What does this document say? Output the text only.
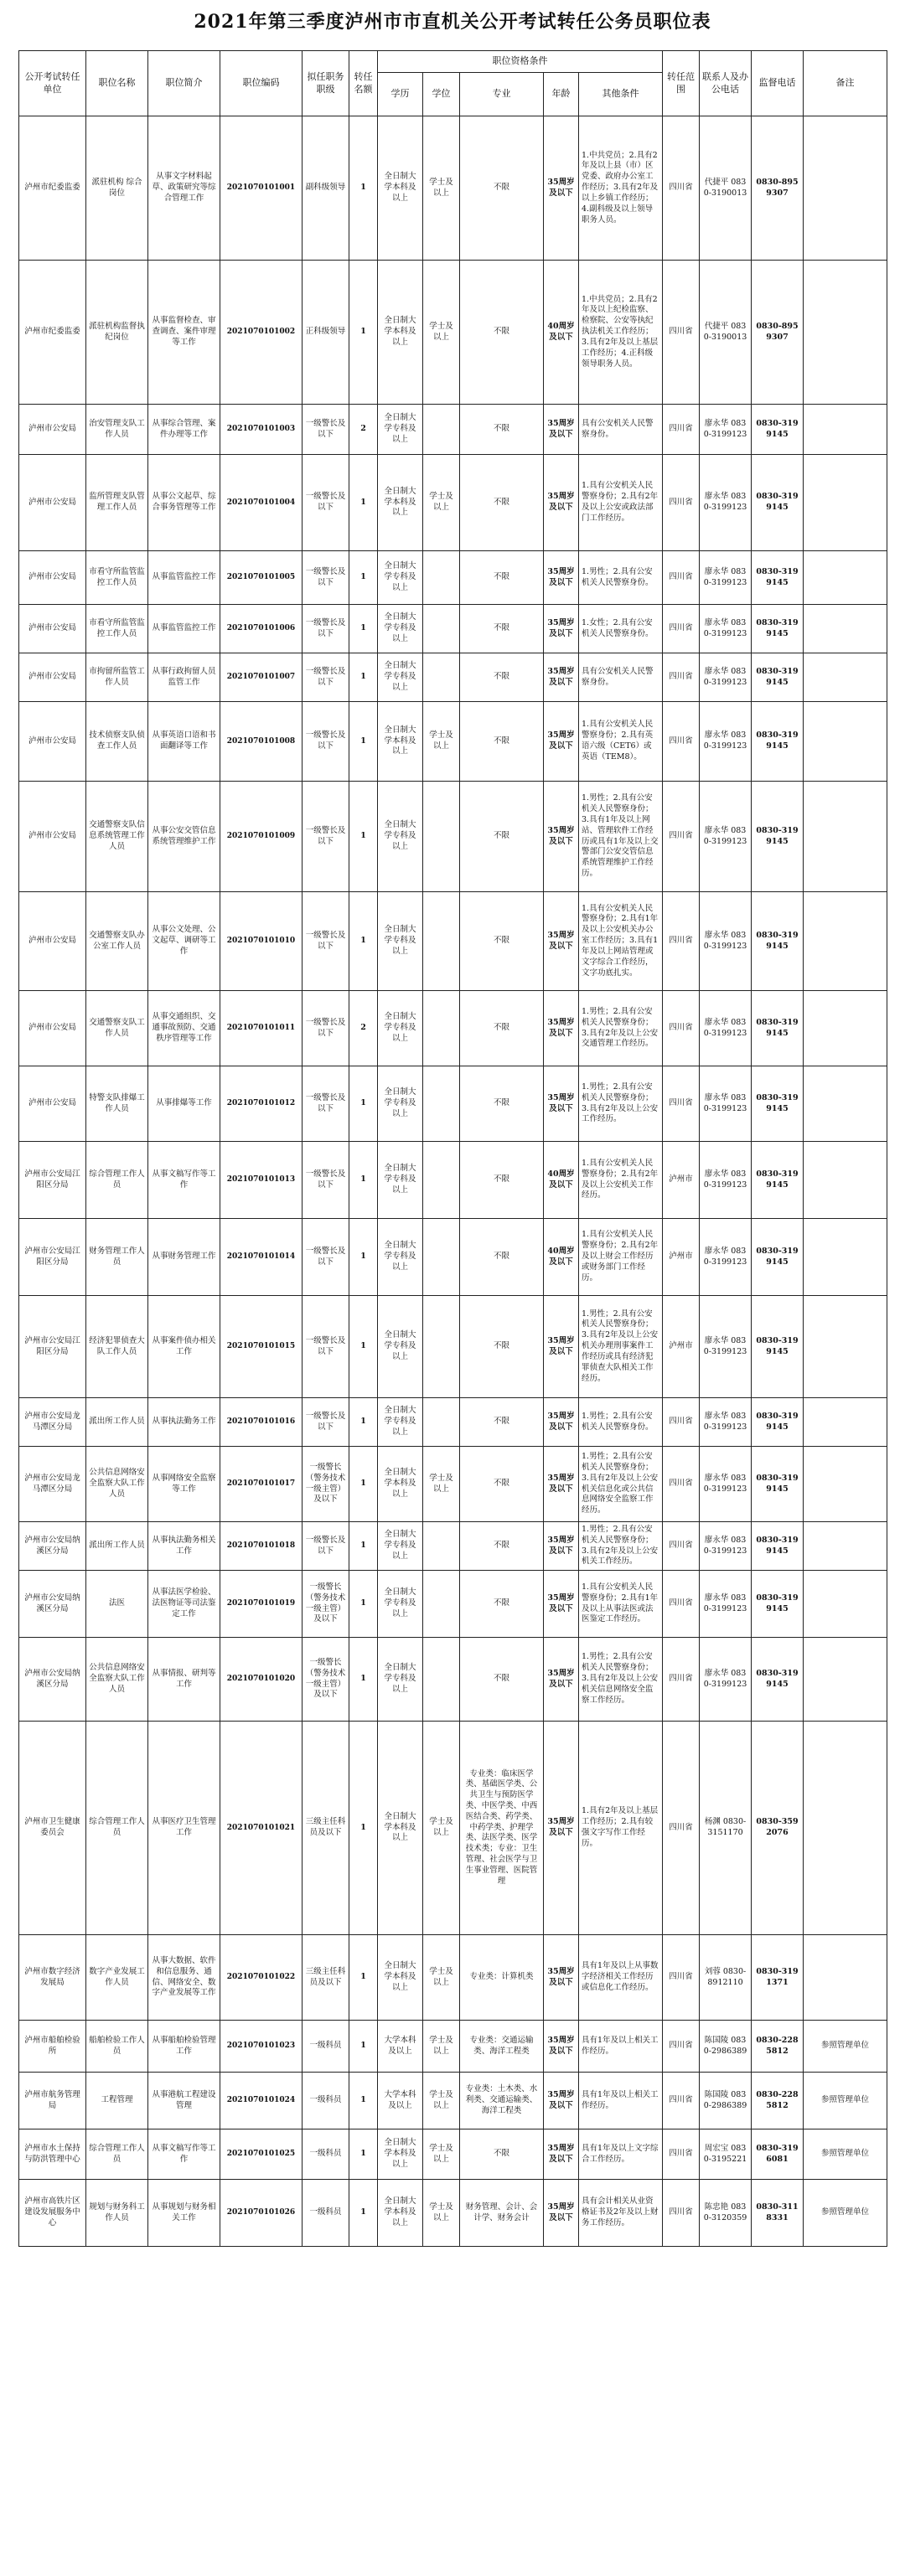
2021年第三季度泸州市市直机关公开考试转任公务员职位表
公开考试转任单位	职位名称	职位简介	职位编码	拟任职务职级	转任名额	职位资格条件					转任范围	联系人及办公电话	监督电话	备注
						学历	学位	专业	年龄	其他条件				
泸州市纪委监委	派驻机构 综合岗位	从事文字材料起草、政策研究等综合管理工作	2021070101001	副科级领导	1	全日制大学本科及以上	学士及以上	不限	35周岁及以下	1.中共党员；2.具有2年及以上县（市）区党委、政府办公室工作经历；3.具有2年及以上乡镇工作经历；4.副科级及以上领导职务人员。	四川省	代捷平 0830-3190013	0830-8959307	
泸州市纪委监委	派驻机构监督执纪岗位	从事监督检查、审查调查、案件审理等工作	2021070101002	正科级领导	1	全日制大学本科及以上	学士及以上	不限	40周岁及以下	1.中共党员；2.具有2年及以上纪检监察、检察院、公安等执纪执法机关工作经历；3.具有2年及以上基层工作经历；4.正科级领导职务人员。	四川省	代捷平 0830-3190013	0830-8959307	
泸州市公安局	治安管理支队工作人员	从事综合管理、案件办理等工作	2021070101003	一级警长及以下	2	全日制大学专科及以上		不限	35周岁及以下	具有公安机关人民警察身份。	四川省	廖永华 0830-3199123	0830-3199145	
泸州市公安局	监所管理支队管理工作人员	从事公文起草、综合事务管理等工作	2021070101004	一级警长及以下	1	全日制大学本科及以上	学士及以上	不限	35周岁及以下	1.具有公安机关人民警察身份；2.具有2年及以上公安或政法部门工作经历。	四川省	廖永华 0830-3199123	0830-3199145	
泸州市公安局	市看守所监管监控工作人员	从事监管监控工作	2021070101005	一级警长及以下	1	全日制大学专科及以上		不限	35周岁及以下	1.男性；2.具有公安机关人民警察身份。	四川省	廖永华 0830-3199123	0830-3199145	
泸州市公安局	市看守所监管监控工作人员	从事监管监控工作	2021070101006	一级警长及以下	1	全日制大学专科及以上		不限	35周岁及以下	1.女性；2.具有公安机关人民警察身份。	四川省	廖永华 0830-3199123	0830-3199145	
泸州市公安局	市拘留所监管工作人员	从事行政拘留人员监管工作	2021070101007	一级警长及以下	1	全日制大学专科及以上		不限	35周岁及以下	具有公安机关人民警察身份。	四川省	廖永华 0830-3199123	0830-3199145	
泸州市公安局	技术侦察支队侦查工作人员	从事英语口语和书面翻译等工作	2021070101008	一级警长及以下	1	全日制大学本科及以上	学士及以上	不限	35周岁及以下	1.具有公安机关人民警察身份；2.具有英语六级（CET6）或英语（TEM8）。	四川省	廖永华 0830-3199123	0830-3199145	
泸州市公安局	交通警察支队信息系统管理工作人员	从事公安交管信息系统管理维护工作	2021070101009	一级警长及以下	1	全日制大学专科及以上		不限	35周岁及以下	1.男性；2.具有公安机关人民警察身份；3.具有1年及以上网站、管理软件工作经历或具有1年及以上交警部门公安交管信息系统管理维护工作经历。	四川省	廖永华 0830-3199123	0830-3199145	
泸州市公安局	交通警察支队办公室工作人员	从事公文处理、公文起草、调研等工作	2021070101010	一级警长及以下	1	全日制大学专科及以上		不限	35周岁及以下	1.具有公安机关人民警察身份；2.具有1年及以上公安机关办公室工作经历；3.具有1年及以上网站管理或文字综合工作经历，文字功底扎实。	四川省	廖永华 0830-3199123	0830-3199145	
泸州市公安局	交通警察支队工作人员	从事交通组织、交通事故预防、交通秩序管理等工作	2021070101011	一级警长及以下	2	全日制大学专科及以上		不限	35周岁及以下	1.男性；2.具有公安机关人民警察身份；3.具有2年及以上公安交通管理工作经历。	四川省	廖永华 0830-3199123	0830-3199145	
泸州市公安局	特警支队排爆工作人员	从事排爆等工作	2021070101012	一级警长及以下	1	全日制大学专科及以上		不限	35周岁及以下	1.男性；2.具有公安机关人民警察身份；3.具有2年及以上公安工作经历。	四川省	廖永华 0830-3199123	0830-3199145	
泸州市公安局江阳区分局	综合管理工作人员	从事文稿写作等工作	2021070101013	一级警长及以下	1	全日制大学专科及以上		不限	40周岁及以下	1.具有公安机关人民警察身份；2.具有2年及以上公安机关工作经历。	泸州市	廖永华 0830-3199123	0830-3199145	
泸州市公安局江阳区分局	财务管理工作人员	从事财务管理工作	2021070101014	一级警长及以下	1	全日制大学专科及以上		不限	40周岁及以下	1.具有公安机关人民警察身份；2.具有2年及以上财会工作经历或财务部门工作经历。	泸州市	廖永华 0830-3199123	0830-3199145	
泸州市公安局江阳区分局	经济犯罪侦查大队工作人员	从事案件侦办相关工作	2021070101015	一级警长及以下	1	全日制大学专科及以上		不限	35周岁及以下	1.男性；2.具有公安机关人民警察身份；3.具有2年及以上公安机关办理刑事案件工作经历或具有经济犯罪侦查大队相关工作经历。	泸州市	廖永华 0830-3199123	0830-3199145	
泸州市公安局龙马潭区分局	派出所工作人员	从事执法勤务工作	2021070101016	一级警长及以下	1	全日制大学专科及以上		不限	35周岁及以下	1.男性；2.具有公安机关人民警察身份。	四川省	廖永华 0830-3199123	0830-3199145	
泸州市公安局龙马潭区分局	公共信息网络安全监察大队工作人员	从事网络安全监察等工作	2021070101017	一级警长（警务技术一级主管）及以下	1	全日制大学本科及以上	学士及以上	不限	35周岁及以下	1.男性；2.具有公安机关人民警察身份；3.具有2年及以上公安机关信息化或公共信息网络安全监察工作经历。	四川省	廖永华 0830-3199123	0830-3199145	
泸州市公安局纳溪区分局	派出所工作人员	从事执法勤务相关工作	2021070101018	一级警长及以下	1	全日制大学专科及以上		不限	35周岁及以下	1.男性；2.具有公安机关人民警察身份；3.具有2年及以上公安机关工作经历。	四川省	廖永华 0830-3199123	0830-3199145	
泸州市公安局纳溪区分局	法医	从事法医学检验、法医物证等司法鉴定工作	2021070101019	一级警长（警务技术一级主管）及以下	1	全日制大学专科及以上		不限	35周岁及以下	1.具有公安机关人民警察身份；2.具有1年及以上从事法医或法医鉴定工作经历。	四川省	廖永华 0830-3199123	0830-3199145	
泸州市公安局纳溪区分局	公共信息网络安全监察大队工作人员	从事情报、研判等工作	2021070101020	一级警长（警务技术一级主管）及以下	1	全日制大学专科及以上		不限	35周岁及以下	1.男性；2.具有公安机关人民警察身份；3.具有2年及以上公安机关信息网络安全监察工作经历。	四川省	廖永华 0830-3199123	0830-3199145	
泸州市卫生健康委员会	综合管理工作人员	从事医疗卫生管理工作	2021070101021	三级主任科员及以下	1	全日制大学本科及以上	学士及以上	专业类：临床医学类、基础医学类、公共卫生与预防医学类、中医学类、中西医结合类、药学类、中药学类、护理学类、法医学类、医学技术类；专业：卫生管理、社会医学与卫生事业管理、医院管理	35周岁及以下	1.具有2年及以上基层工作经历；2.具有较强文字写作工作经历。	四川省	杨渊 0830-3151170	0830-3592076	
泸州市数字经济发展局	数字产业发展工作人员	从事大数据、软件和信息服务、通信、网络安全、数字产业发展等工作	2021070101022	三级主任科员及以下	1	全日制大学本科及以上	学士及以上	专业类：计算机类	35周岁及以下	具有1年及以上从事数字经济相关工作经历或信息化工作经历。	四川省	刘蓉 0830-8912110	0830-3191371	
泸州市船舶检验所	船舶检验工作人员	从事船舶检验管理工作	2021070101023	一级科员	1	大学本科及以上	学士及以上	专业类：交通运输类、海洋工程类	35周岁及以下	具有1年及以上相关工作经历。	四川省	陈国陵 0830-2986389	0830-2285812	参照管理单位
泸州市航务管理局	工程管理	从事港航工程建设管理	2021070101024	一级科员	1	大学本科及以上	学士及以上	专业类：土木类、水利类、交通运输类、海洋工程类	35周岁及以下	具有1年及以上相关工作经历。	四川省	陈国陵 0830-2986389	0830-2285812	参照管理单位
泸州市水土保持与防洪管理中心	综合管理工作人员	从事文稿写作等工作	2021070101025	一级科员	1	全日制大学本科及以上	学士及以上	不限	35周岁及以下	具有1年及以上文字综合工作经历。	四川省	周宏宝 0830-3195221	0830-3196081	参照管理单位
泸州市高铁片区建设发展服务中心	规划与财务科工作人员	从事规划与财务相关工作	2021070101026	一级科员	1	全日制大学本科及以上	学士及以上	财务管理、会计、会计学、财务会计	35周岁及以下	具有会计相关从业资格证书及2年及以上财务工作经历。	四川省	陈忠艳 0830-3120359	0830-3118331	参照管理单位
